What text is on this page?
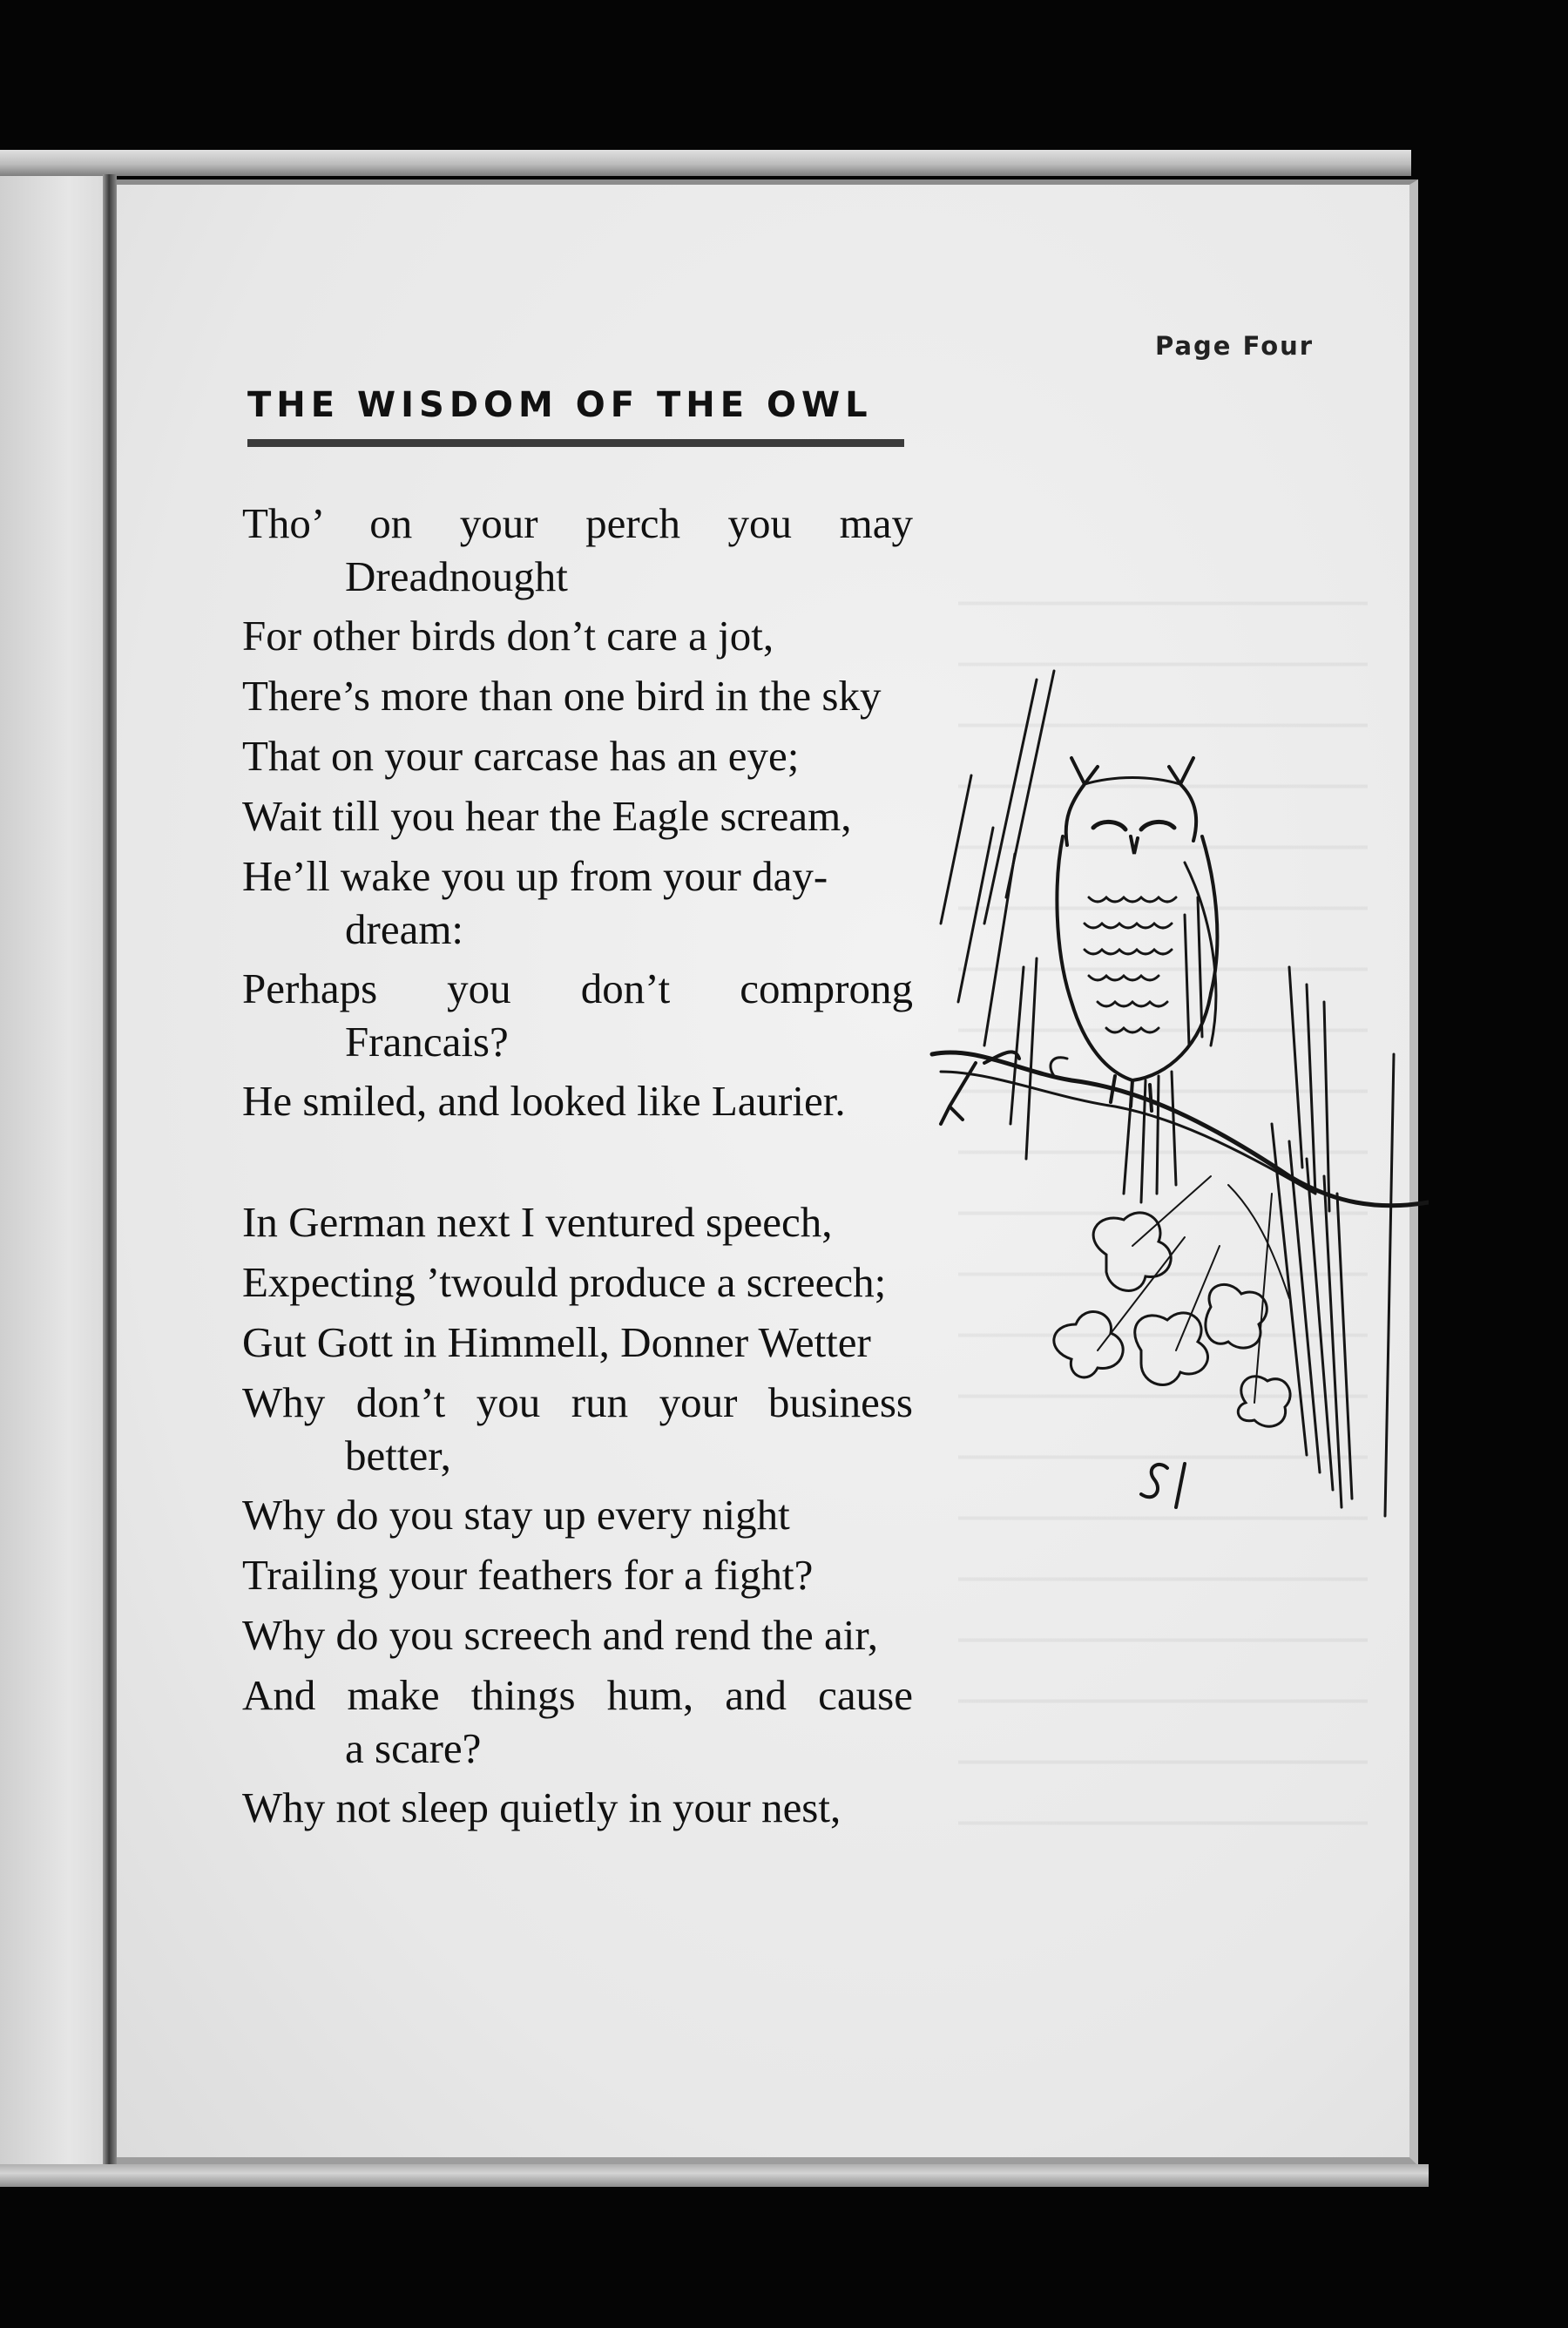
Page Four
THE WISDOM OF THE OWL
Tho’ on your perch you may
Dreadnought
For other birds don’t care a jot,
There’s more than one bird in the sky
That on your carcase has an eye;
Wait till you hear the Eagle scream,
He’ll wake you up from your day-
dream:
Perhaps you don’t comprong
Francais?
He smiled, and looked like Laurier.
In German next I ventured speech,
Expecting ’twould produce a screech;
Gut Gott in Himmell, Donner Wetter
Why don’t you run your business
better,
Why do you stay up every night
Trailing your feathers for a fight?
Why do you screech and rend the air,
And make things hum, and cause
a scare?
Why not sleep quietly in your nest,
